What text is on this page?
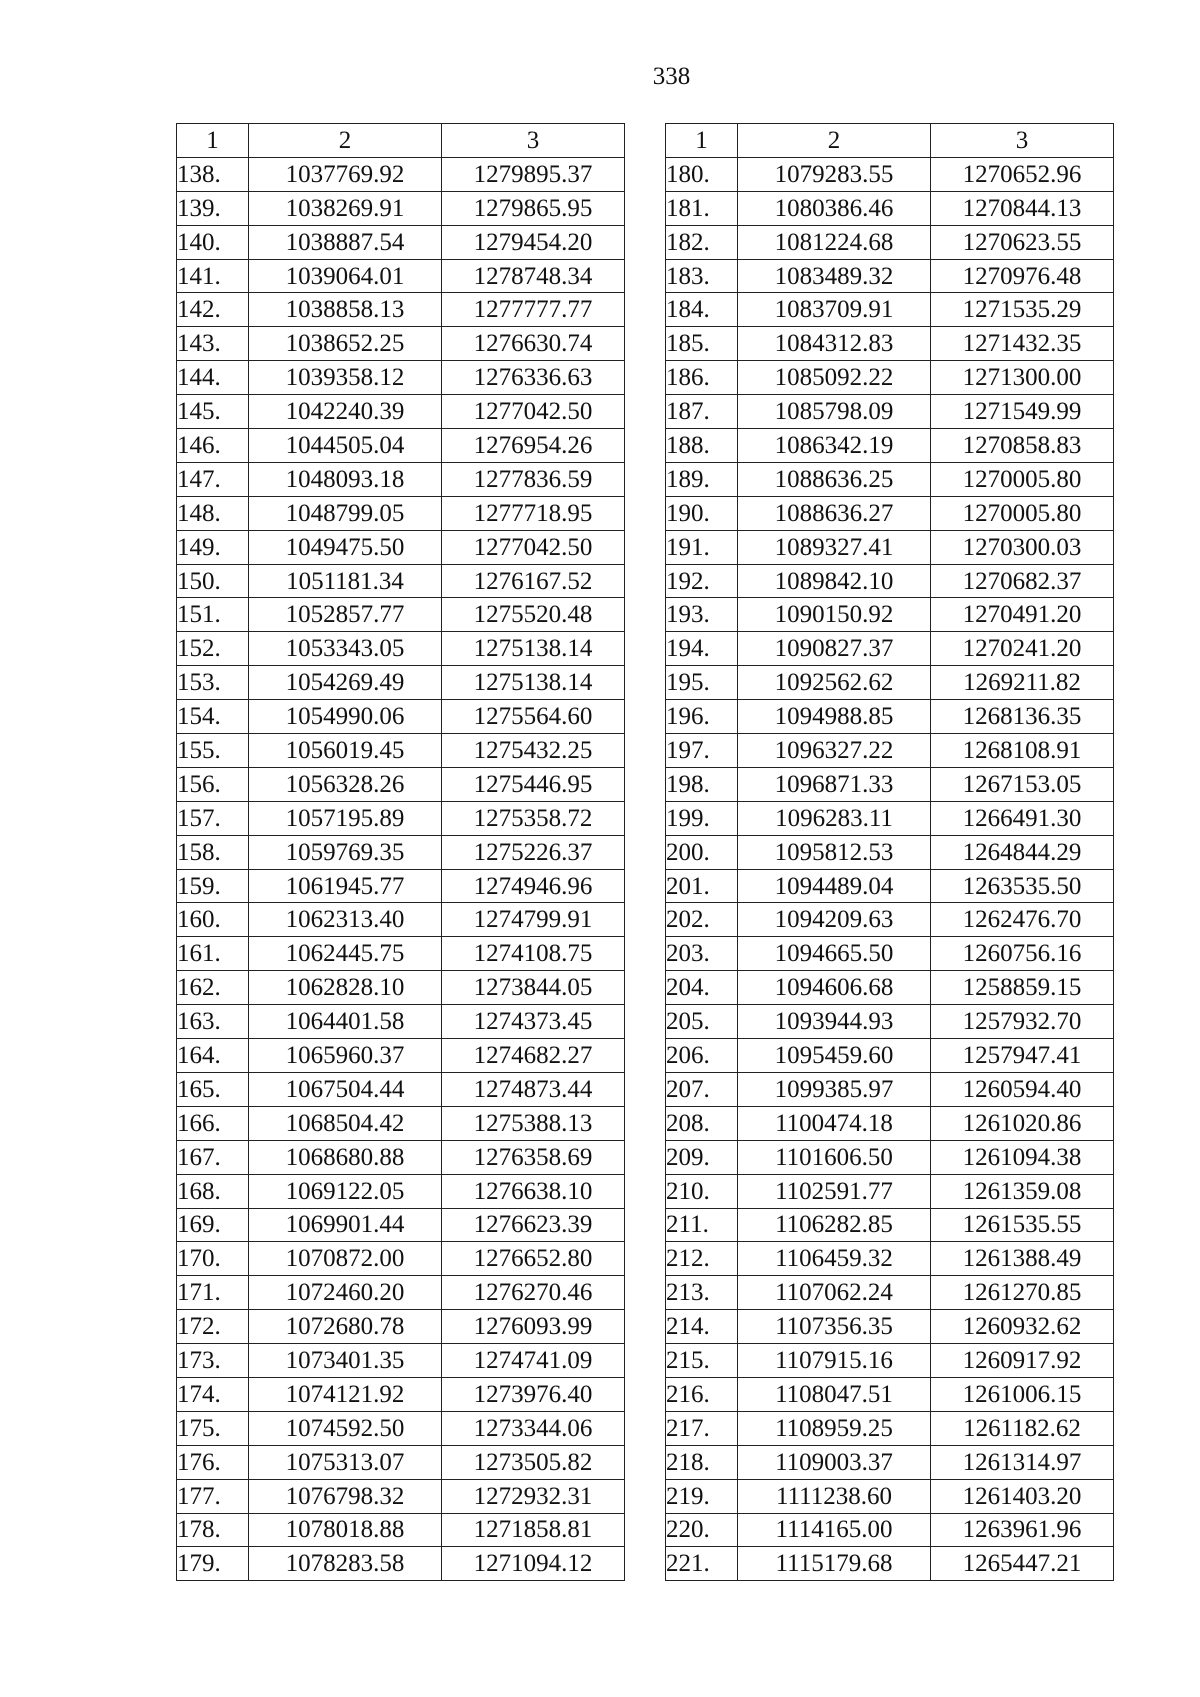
338
1	2	3
138.	1037769.92	1279895.37
139.	1038269.91	1279865.95
140.	1038887.54	1279454.20
141.	1039064.01	1278748.34
142.	1038858.13	1277777.77
143.	1038652.25	1276630.74
144.	1039358.12	1276336.63
145.	1042240.39	1277042.50
146.	1044505.04	1276954.26
147.	1048093.18	1277836.59
148.	1048799.05	1277718.95
149.	1049475.50	1277042.50
150.	1051181.34	1276167.52
151.	1052857.77	1275520.48
152.	1053343.05	1275138.14
153.	1054269.49	1275138.14
154.	1054990.06	1275564.60
155.	1056019.45	1275432.25
156.	1056328.26	1275446.95
157.	1057195.89	1275358.72
158.	1059769.35	1275226.37
159.	1061945.77	1274946.96
160.	1062313.40	1274799.91
161.	1062445.75	1274108.75
162.	1062828.10	1273844.05
163.	1064401.58	1274373.45
164.	1065960.37	1274682.27
165.	1067504.44	1274873.44
166.	1068504.42	1275388.13
167.	1068680.88	1276358.69
168.	1069122.05	1276638.10
169.	1069901.44	1276623.39
170.	1070872.00	1276652.80
171.	1072460.20	1276270.46
172.	1072680.78	1276093.99
173.	1073401.35	1274741.09
174.	1074121.92	1273976.40
175.	1074592.50	1273344.06
176.	1075313.07	1273505.82
177.	1076798.32	1272932.31
178.	1078018.88	1271858.81
179.	1078283.58	1271094.12
1	2	3
180.	1079283.55	1270652.96
181.	1080386.46	1270844.13
182.	1081224.68	1270623.55
183.	1083489.32	1270976.48
184.	1083709.91	1271535.29
185.	1084312.83	1271432.35
186.	1085092.22	1271300.00
187.	1085798.09	1271549.99
188.	1086342.19	1270858.83
189.	1088636.25	1270005.80
190.	1088636.27	1270005.80
191.	1089327.41	1270300.03
192.	1089842.10	1270682.37
193.	1090150.92	1270491.20
194.	1090827.37	1270241.20
195.	1092562.62	1269211.82
196.	1094988.85	1268136.35
197.	1096327.22	1268108.91
198.	1096871.33	1267153.05
199.	1096283.11	1266491.30
200.	1095812.53	1264844.29
201.	1094489.04	1263535.50
202.	1094209.63	1262476.70
203.	1094665.50	1260756.16
204.	1094606.68	1258859.15
205.	1093944.93	1257932.70
206.	1095459.60	1257947.41
207.	1099385.97	1260594.40
208.	1100474.18	1261020.86
209.	1101606.50	1261094.38
210.	1102591.77	1261359.08
211.	1106282.85	1261535.55
212.	1106459.32	1261388.49
213.	1107062.24	1261270.85
214.	1107356.35	1260932.62
215.	1107915.16	1260917.92
216.	1108047.51	1261006.15
217.	1108959.25	1261182.62
218.	1109003.37	1261314.97
219.	1111238.60	1261403.20
220.	1114165.00	1263961.96
221.	1115179.68	1265447.21
